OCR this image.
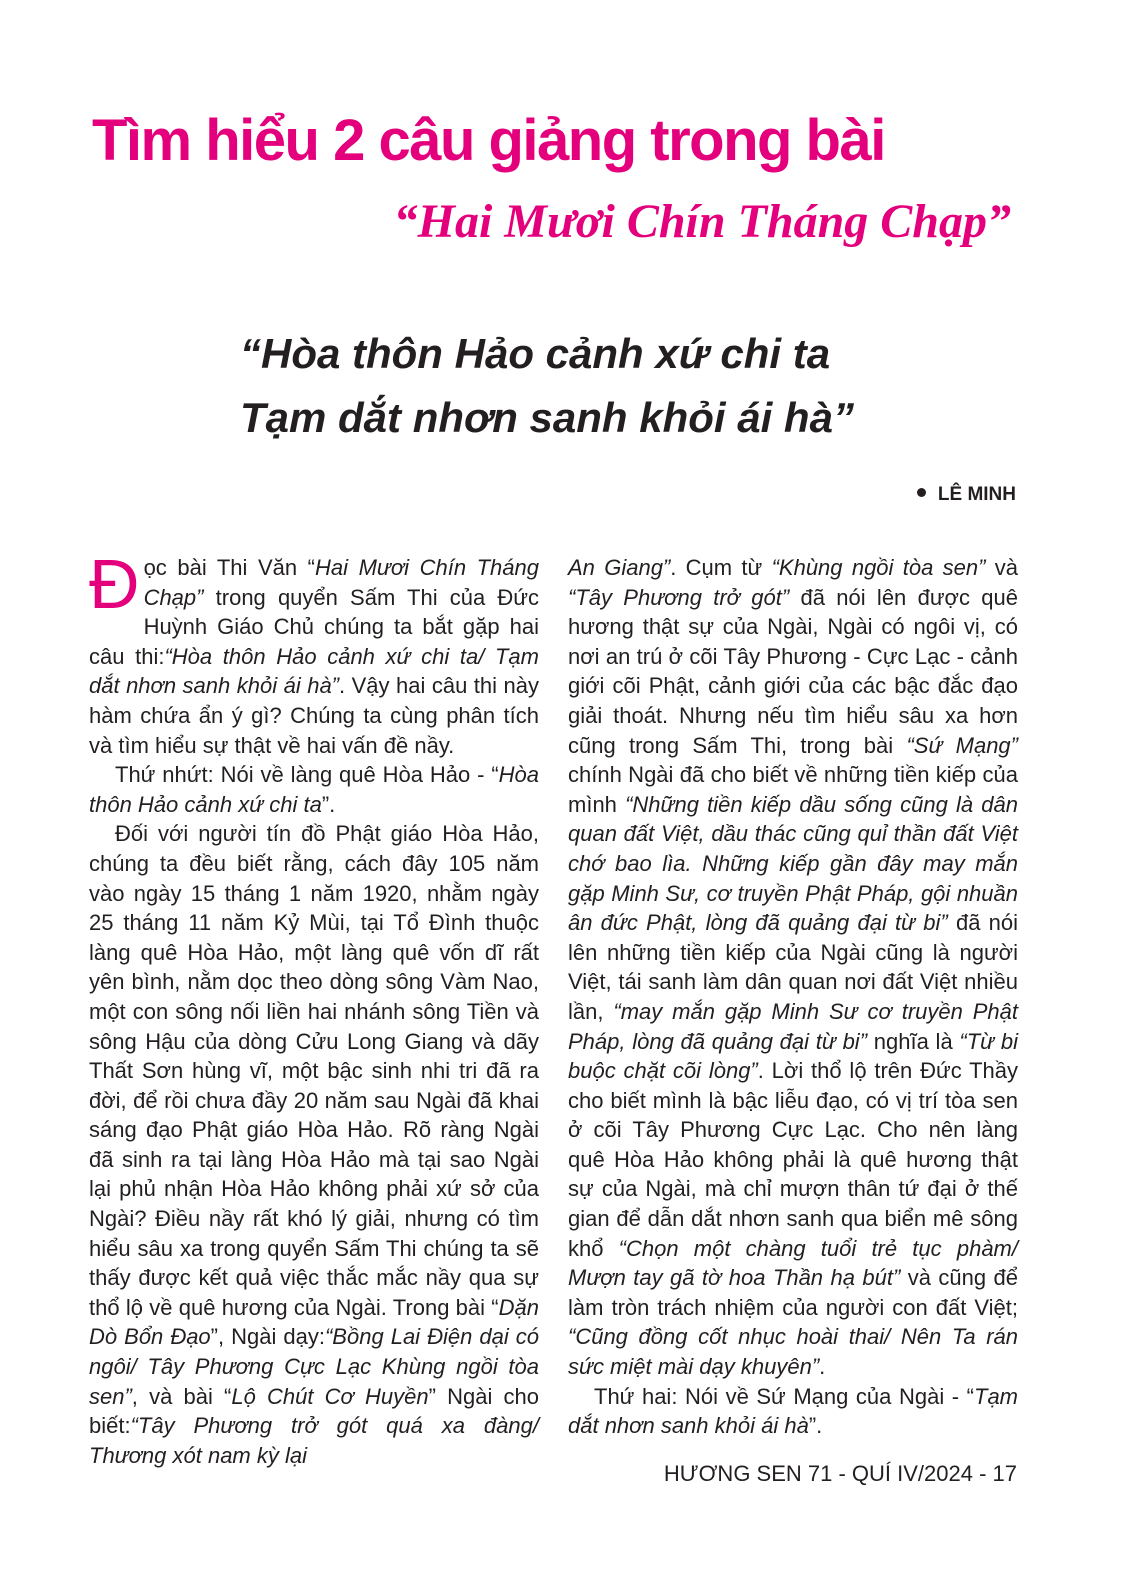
Tìm hiểu 2 câu giảng trong bài
“Hai Mươi Chín Tháng Chạp”
“Hòa thôn Hảo cảnh xứ chi ta
Tạm dắt nhơn sanh khỏi ái hà”
LÊ MINH

Đọc bài Thi Văn “Hai Mươi Chín Tháng Chạp” trong quyển Sấm Thi của Đức Huỳnh Giáo Chủ chúng ta bắt gặp hai câu thi:“Hòa thôn Hảo cảnh xứ chi ta/ Tạm dắt nhơn sanh khỏi ái hà”. Vậy hai câu thi này hàm chứa ẩn ý gì? Chúng ta cùng phân tích và tìm hiểu sự thật về hai vấn đề nầy.

Thứ nhứt: Nói về làng quê Hòa Hảo - “Hòa thôn Hảo cảnh xứ chi ta”.

Đối với người tín đồ Phật giáo Hòa Hảo, chúng ta đều biết rằng, cách đây 105 năm vào ngày 15 tháng 1 năm 1920, nhằm ngày 25 tháng 11 năm Kỷ Mùi, tại Tổ Đình thuộc làng quê Hòa Hảo, một làng quê vốn dĩ rất yên bình, nằm dọc theo dòng sông Vàm Nao, một con sông nối liền hai nhánh sông Tiền và sông Hậu của dòng Cửu Long Giang và dãy Thất Sơn hùng vĩ, một bậc sinh nhi tri đã ra đời, để rồi chưa đầy 20 năm sau Ngài đã khai sáng đạo Phật giáo Hòa Hảo. Rõ ràng Ngài đã sinh ra tại làng Hòa Hảo mà tại sao Ngài lại phủ nhận Hòa Hảo không phải xứ sở của Ngài? Điều nầy rất khó lý giải, nhưng có tìm hiểu sâu xa trong quyển Sấm Thi chúng ta sẽ thấy được kết quả việc thắc mắc nầy qua sự thổ lộ về quê hương của Ngài. Trong bài “Dặn Dò Bổn Đạo”, Ngài dạy:“Bồng Lai Điện dại có ngôi/ Tây Phương Cực Lạc Khùng ngồi tòa sen”, và bài “Lộ Chút Cơ Huyền” Ngài cho biết:“Tây Phương trở gót quá xa đàng/ Thương xót nam kỳ lại

An Giang”. Cụm từ “Khùng ngồi tòa sen” và “Tây Phương trở gót” đã nói lên được quê hương thật sự của Ngài, Ngài có ngôi vị, có nơi an trú ở cõi Tây Phương - Cực Lạc - cảnh giới cõi Phật, cảnh giới của các bậc đắc đạo giải thoát. Nhưng nếu tìm hiểu sâu xa hơn cũng trong Sấm Thi, trong bài “Sứ Mạng” chính Ngài đã cho biết về những tiền kiếp của mình “Những tiền kiếp dầu sống cũng là dân quan đất Việt, dầu thác cũng quỉ thần đất Việt chớ bao lìa. Những kiếp gần đây may mắn gặp Minh Sư, cơ truyền Phật Pháp, gội nhuần ân đức Phật, lòng đã quảng đại từ bi” đã nói lên những tiền kiếp của Ngài cũng là người Việt, tái sanh làm dân quan nơi đất Việt nhiều lần, “may mắn gặp Minh Sư cơ truyền Phật Pháp, lòng đã quảng đại từ bi” nghĩa là “Từ bi buộc chặt cõi lòng”. Lời thổ lộ trên Đức Thầy cho biết mình là bậc liễu đạo, có vị trí tòa sen ở cõi Tây Phương Cực Lạc. Cho nên làng quê Hòa Hảo không phải là quê hương thật sự của Ngài, mà chỉ mượn thân tứ đại ở thế gian để dẫn dắt nhơn sanh qua biển mê sông khổ “Chọn một chàng tuổi trẻ tục phàm/ Mượn tay gã tờ hoa Thần hạ bút” và cũng để làm tròn trách nhiệm của người con đất Việt; “Cũng đồng cốt nhục hoài thai/ Nên Ta rán sức miệt mài dạy khuyên”.

Thứ hai: Nói về Sứ Mạng của Ngài - “Tạm dắt nhơn sanh khỏi ái hà”.

HƯƠNG SEN 71 - QUÍ IV/2024 - 17
